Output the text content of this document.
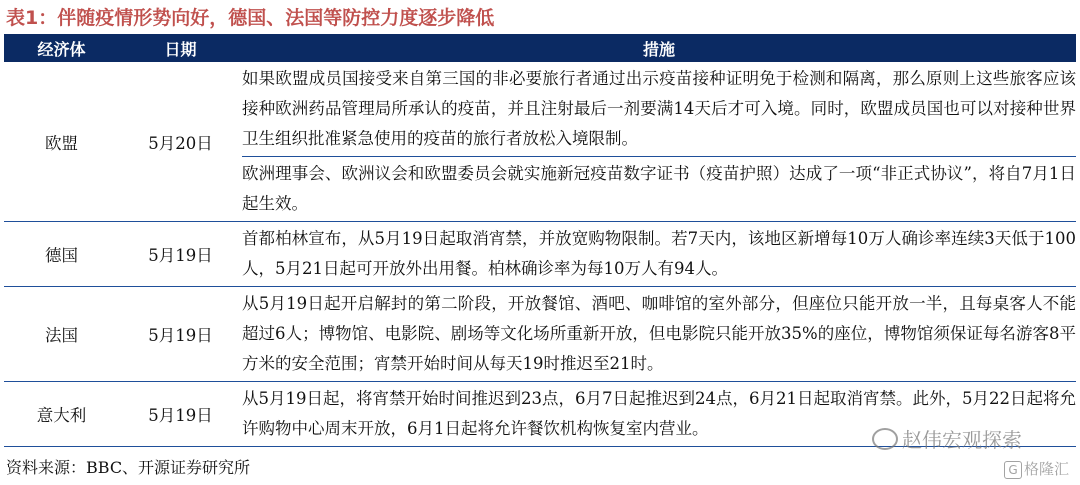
表1：伴随疫情形势向好，德国、法国等防控力度逐步降低
经济体	日期	措施
欧盟	5月20日	如果欧盟成员国接受来自第三国的非必要旅行者通过出示疫苗接种证明免于检测和隔离，那么原则上这些旅客应该接种欧洲药品管理局所承认的疫苗，并且注射最后一剂要满14天后才可入境。同时，欧盟成员国也可以对接种世界卫生组织批准紧急使用的疫苗的旅行者放松入境限制。
欧洲理事会、欧洲议会和欧盟委员会就实施新冠疫苗数字证书（疫苗护照）达成了一项“非正式协议”，将自7月1日起生效。

德国	5月19日	首都柏林宣布，从5月19日起取消宵禁，并放宽购物限制。若7天内，该地区新增每10万人确诊率连续3天低于100人，5月21日起可开放外出用餐。柏林确诊率为每10万人有94人。

法国	5月19日	从5月19日起开启解封的第二阶段，开放餐馆、酒吧、咖啡馆的室外部分，但座位只能开放一半，且每桌客人不能超过6人；博物馆、电影院、剧场等文化场所重新开放，但电影院只能开放35%的座位，博物馆须保证每名游客8平方米的安全范围；宵禁开始时间从每天19时推迟至21时。

意大利	5月19日	从5月19日起，将宵禁开始时间推迟到23点，6月7日起推迟到24点，6月21日起取消宵禁。此外，5月22日起将允许购物中心周末开放，6月1日起将允许餐饮机构恢复室内营业。
资料来源：BBC、开源证券研究所
赵伟宏观探索
G 格隆汇
